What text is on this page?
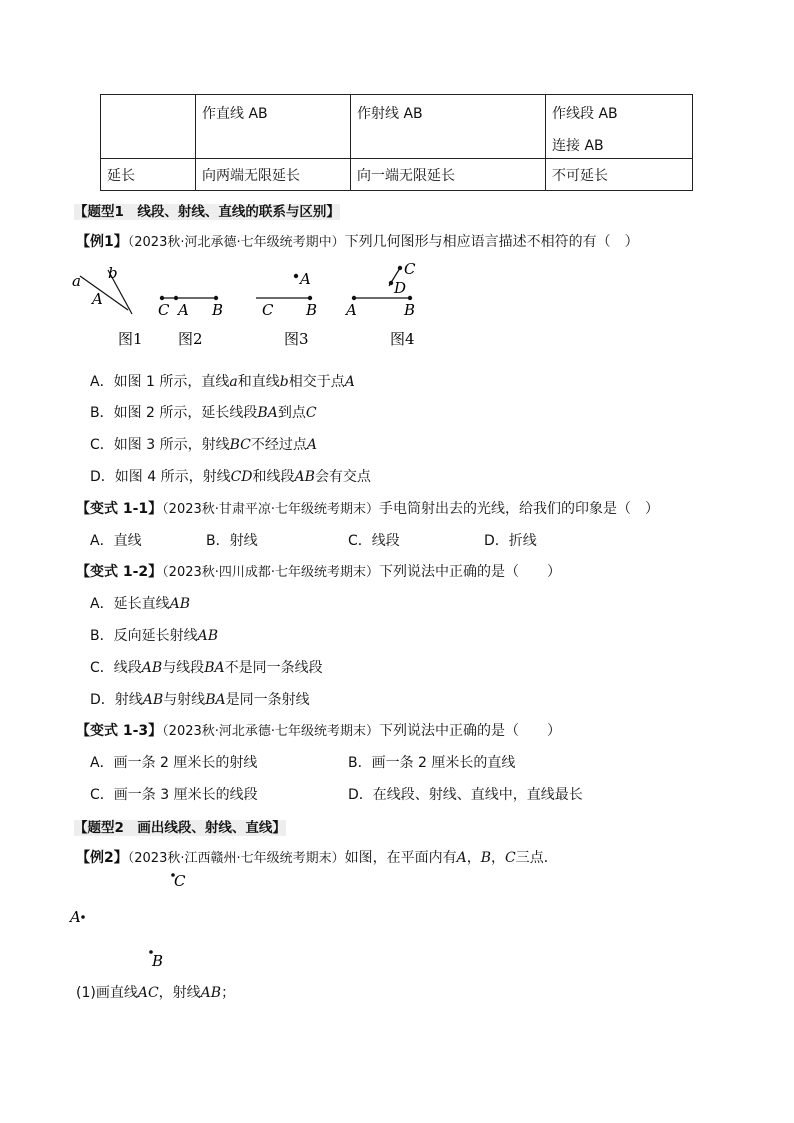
	作直线 AB	作射线 AB	作线段 AB
连接 AB

延长	向两端无限延长	向一端无限延长	不可延长
【题型1　线段、射线、直线的联系与区别】
【例1】（2023秋·河北承德·七年级统考期中）下列几何图形与相应语言描述不相符的有（　）
a b
A
C A B
A
C B
C
D
A	B
图1 图2	图3	图4
A．如图 1 所示，直线a和直线b相交于点A
B．如图 2 所示，延长线段BA到点C
C．如图 3 所示，射线BC不经过点A
D．如图 4 所示，射线CD和线段AB会有交点
【变式 1-1】（2023秋·甘肃平凉·七年级统考期末）手电筒射出去的光线，给我们的印象是（　）
A．直线	B．射线	C．线段	D．折线
【变式 1-2】（2023秋·四川成都·七年级统考期末）下列说法中正确的是（　　）
A．延长直线AB
B．反向延长射线AB
C．线段AB与线段BA不是同一条线段
D．射线AB与射线BA是同一条射线
【变式 1-3】（2023秋·河北承德·七年级统考期末）下列说法中正确的是（　　）
A．画一条 2 厘米长的射线	B．画一条 2 厘米长的直线
C．画一条 3 厘米长的线段	D．在线段、射线、直线中，直线最长
【题型2　画出线段、射线、直线】
【例2】（2023秋·江西赣州·七年级统考期末）如图，在平面内有A，B，C三点．
C
A
B
(1)画直线AC，射线AB；
